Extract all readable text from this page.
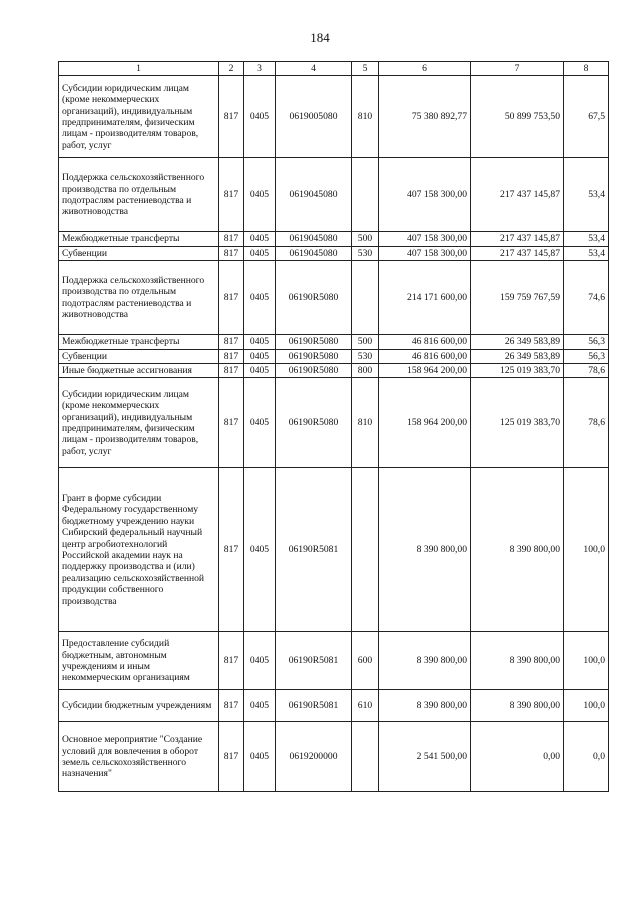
184
1	2	3	4	5	6	7	8
Субсидии юридическим лицам (кроме некоммерческих организаций), индивидуальным предпринимателям, физическим лицам - производителям товаров, работ, услуг	817	0405	0619005080	810	75 380 892,77	50 899 753,50	67,5
Поддержка сельскохозяйственного производства по отдельным подотраслям растениеводства и животноводства	817	0405	0619045080		407 158 300,00	217 437 145,87	53,4
Межбюджетные трансферты	817	0405	0619045080	500	407 158 300,00	217 437 145,87	53,4
Субвенции	817	0405	0619045080	530	407 158 300,00	217 437 145,87	53,4
Поддержка сельскохозяйственного производства по отдельным подотраслям растениеводства и животноводства	817	0405	06190R5080		214 171 600,00	159 759 767,59	74,6
Межбюджетные трансферты	817	0405	06190R5080	500	46 816 600,00	26 349 583,89	56,3
Субвенции	817	0405	06190R5080	530	46 816 600,00	26 349 583,89	56,3
Иные бюджетные ассигнования	817	0405	06190R5080	800	158 964 200,00	125 019 383,70	78,6
Субсидии юридическим лицам (кроме некоммерческих организаций), индивидуальным предпринимателям, физическим лицам - производителям товаров, работ, услуг	817	0405	06190R5080	810	158 964 200,00	125 019 383,70	78,6
Грант в форме субсидии Федеральному государственному бюджетному учреждению науки Сибирский федеральный научный центр агробиотехнологий Российской академии наук на поддержку производства и (или) реализацию сельскохозяйственной продукции собственного производства	817	0405	06190R5081		8 390 800,00	8 390 800,00	100,0
Предоставление субсидий бюджетным, автономным учреждениям и иным некоммерческим организациям	817	0405	06190R5081	600	8 390 800,00	8 390 800,00	100,0
Субсидии бюджетным учреждениям	817	0405	06190R5081	610	8 390 800,00	8 390 800,00	100,0
Основное мероприятие "Создание условий для вовлечения в оборот земель сельскохозяйственного назначения"	817	0405	0619200000		2 541 500,00	0,00	0,0
